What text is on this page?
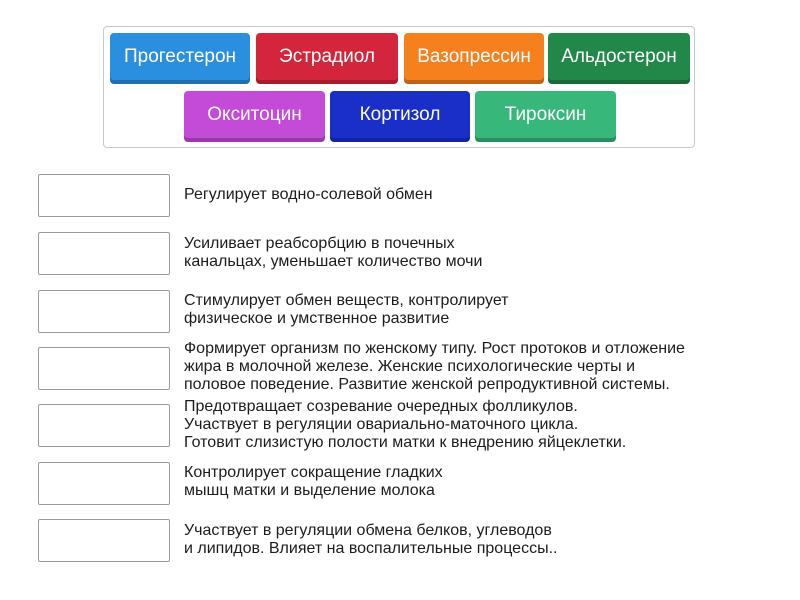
Прогестерон	Эстрадиол	Вазопрессин	Альдостерон
Окситоцин	Кортизол	Тироксин
Регулирует водно-солевой обмен
Усиливает реабсорбцию в почечных
канальцах, уменьшает количество мочи
Стимулирует обмен веществ, контролирует
физическое и умственное развитие
Формирует организм по женскому типу. Рост протоков и отложение
жира в молочной железе. Женские психологические черты и
половое поведение. Развитие женской репродуктивной системы.
Предотвращает созревание очередных фолликулов.
Участвует в регуляции овариально-маточного цикла.
Готовит слизистую полости матки к внедрению яйцеклетки.
Контролирует сокращение гладких
мышц матки и выделение молока
Участвует в регуляции обмена белков, углеводов
и липидов. Влияет на воспалительные процессы..
